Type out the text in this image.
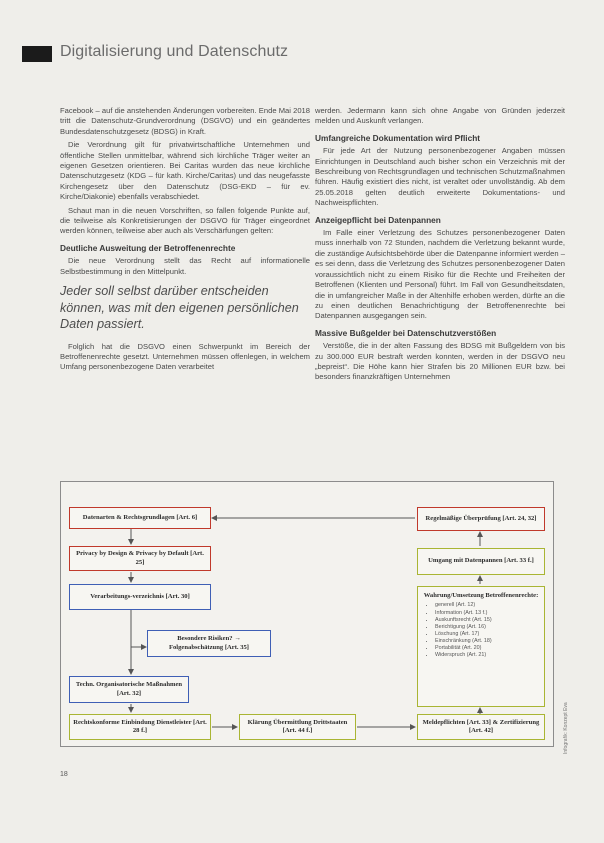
Digitalisierung und Datenschutz

Facebook – auf die anstehenden Änderungen vorbereiten. Ende Mai 2018 tritt die Datenschutz-Grundverordnung (DSGVO) und ein geändertes Bundesdatenschutzgesetz (BDSG) in Kraft.

Die Verordnung gilt für privatwirtschaftliche Unternehmen und öffentliche Stellen unmittelbar, während sich kirchliche Träger weiter an eigenen Gesetzen orientieren. Bei Caritas wurden das neue kirchliche Datenschutzgesetz (KDG – für kath. Kirche/Caritas) und das neugefasste Kirchengesetz über den Datenschutz (DSG-EKD – für ev. Kirche/Diakonie) ebenfalls verabschiedet.

Schaut man in die neuen Vorschriften, so fallen folgende Punkte auf, die teilweise als Konkretisierungen der DSGVO für Träger eingeordnet werden können, teilweise aber auch als Verschärfungen gelten:

Deutliche Ausweitung der Betroffenenrechte

Die neue Verordnung stellt das Recht auf informationelle Selbstbestimmung in den Mittelpunkt.

Jeder soll selbst darüber entscheiden können, was mit den eigenen persönlichen Daten passiert.

Folglich hat die DSGVO einen Schwerpunkt im Bereich der Betroffenenrechte gesetzt. Unternehmen müssen offenlegen, in welchem Umfang personenbezogene Daten verarbeitet

werden. Jedermann kann sich ohne Angabe von Gründen jederzeit melden und Auskunft verlangen.

Umfangreiche Dokumentation wird Pflicht

Für jede Art der Nutzung personenbezogener Angaben müssen Einrichtungen in Deutschland auch bisher schon ein Verzeichnis mit der Beschreibung von Rechtsgrundlagen und technischen Schutzmaßnahmen führen. Häufig existiert dies nicht, ist veraltet oder unvollständig. Ab dem 25.05.2018 gelten deutlich erweiterte Dokumentations- und Nachweispflichten.

Anzeigepflicht bei Datenpannen

Im Falle einer Verletzung des Schutzes personenbezogener Daten muss innerhalb von 72 Stunden, nachdem die Verletzung bekannt wurde, die zuständige Aufsichtsbehörde über die Datenpanne informiert werden – es sei denn, dass die Verletzung des Schutzes personenbezogener Daten voraussichtlich nicht zu einem Risiko für die Rechte und Freiheiten der Betroffenen (Klienten und Personal) führt. Im Fall von Gesundheitsdaten, die in umfangreicher Maße in der Altenhilfe erhoben werden, dürfte an die zu einen deutlichen Benachrichtigung der Betroffenenrechte bei Datenpannen ausgegangen sein.

Massive Bußgelder bei Datenschutzverstößen

Verstöße, die in der alten Fassung des BDSG mit Bußgeldern von bis zu 300.000 EUR bestraft werden konnten, werden in der DSGVO neu „bepreist“. Die Höhe kann hier Strafen bis 20 Millionen EUR bzw. bei besonders finanzkräftigen Unternehmen

Datenarten & Rechtsgrundlagen [Art. 6]
Privacy by Design & Privacy by Default [Art. 25]
Verarbeitungs-verzeichnis [Art. 30]
Besondere Risiken? → Folgenabschätzung [Art. 35]
Techn. Organisatorische Maßnahmen [Art. 32]
Rechtskonforme Einbindung Dienstleister [Art. 28 f.]
Klärung Übermittlung Drittstaaten [Art. 44 f.]
Meldepflichten [Art. 33] & Zertifizierung [Art. 42]
Wahrung/Umsetzung Betroffenenrechte:
• generell (Art. 12)
• Information (Art. 13 f.)
• Auskunftsrecht (Art. 15)
• Berichtigung (Art. 16)
• Löschung (Art. 17)
• Einschränkung (Art. 18)
• Portabilität (Art. 20)
• Widerspruch (Art. 21)
Umgang mit Datenpannen [Art. 33 f.]
Regelmäßige Überprüfung [Art. 24, 32]
Infografik: Konzept Eva
18
